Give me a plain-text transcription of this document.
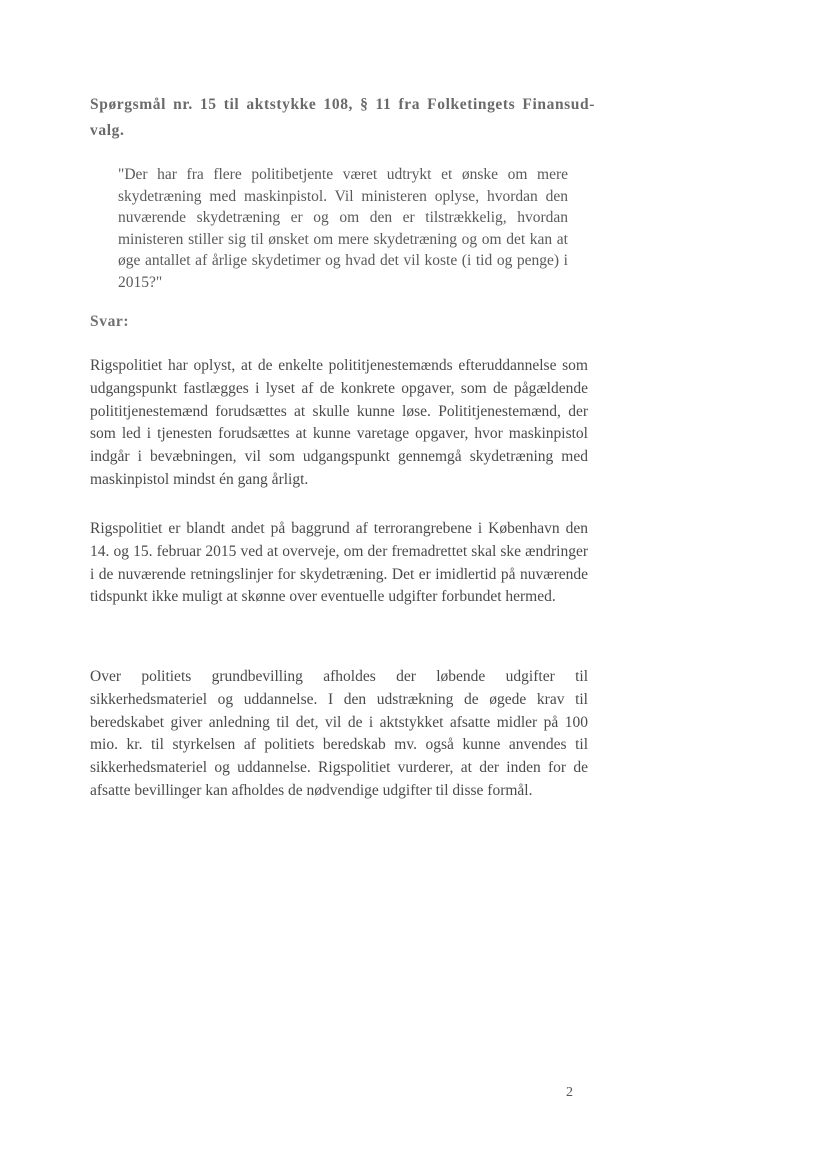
Spørgsmål nr. 15 til aktstykke 108, § 11 fra Folketingets Finansud-valg.

"Der har fra flere politibetjente været udtrykt et ønske om mere skydetræning med maskinpistol. Vil ministeren oplyse, hvordan den nuværende skydetræning er og om den er tilstrækkelig, hvordan ministeren stiller sig til ønsket om mere skydetræning og om det kan at øge antallet af årlige skydetimer og hvad det vil koste (i tid og penge) i 2015?"

Svar:

Rigspolitiet har oplyst, at de enkelte polititjenestemænds efteruddannelse som udgangspunkt fastlægges i lyset af de konkrete opgaver, som de pågældende polititjenestemænd forudsættes at skulle kunne løse. Polititjenestemænd, der som led i tjenesten forudsættes at kunne varetage opgaver, hvor maskinpistol indgår i bevæbningen, vil som udgangspunkt gennemgå skydetræning med maskinpistol mindst én gang årligt.

Rigspolitiet er blandt andet på baggrund af terrorangrebene i København den 14. og 15. februar 2015 ved at overveje, om der fremadrettet skal ske ændringer i de nuværende retningslinjer for skydetræning. Det er imidlertid på nuværende tidspunkt ikke muligt at skønne over eventuelle udgifter forbundet hermed.

Over politiets grundbevilling afholdes der løbende udgifter til sikkerhedsmateriel og uddannelse. I den udstrækning de øgede krav til beredskabet giver anledning til det, vil de i aktstykket afsatte midler på 100 mio. kr. til styrkelsen af politiets beredskab mv. også kunne anvendes til sikkerhedsmateriel og uddannelse. Rigspolitiet vurderer, at der inden for de afsatte bevillinger kan afholdes de nødvendige udgifter til disse formål.

2
